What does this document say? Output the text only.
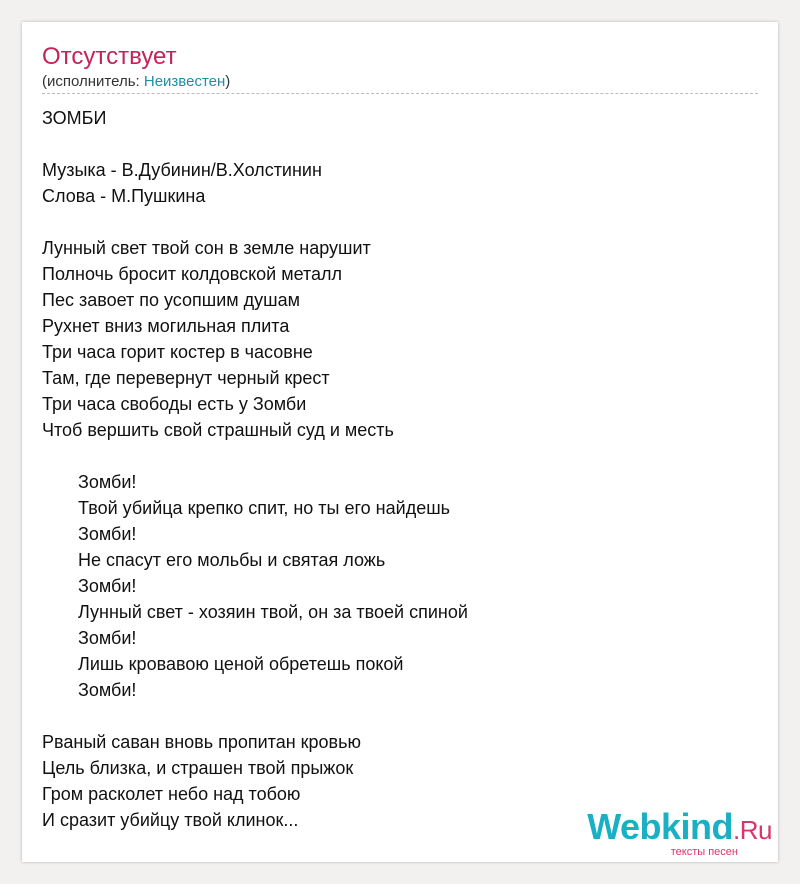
Отсутствует
(исполнитель: Неизвестен)
ЗОМБИ
Музыка - В.Дубинин/В.Холстинин
Слова - М.Пушкина
Лунный свет твой сон в земле нарушит
Полночь бросит колдовской металл
Пес завоет по усопшим душам
Рухнет вниз могильная плита
Три часа горит костер в часовне
Там, где перевернут черный крест
Три часа свободы есть у Зомби
Чтоб вершить свой страшный суд и месть
Зомби!
Твой убийца крепко спит, но ты его найдешь
Зомби!
Не спасут его мольбы и святая ложь
Зомби!
Лунный свет - хозяин твой, он за твоей спиной
Зомби!
Лишь кровавою ценой обретешь покой
Зомби!
Рваный саван вновь пропитан кровью
Цель близка, и страшен твой прыжок
Гром расколет небо над тобою
И сразит убийцу твой клинок...	Webkind.Ru
тексты песен
